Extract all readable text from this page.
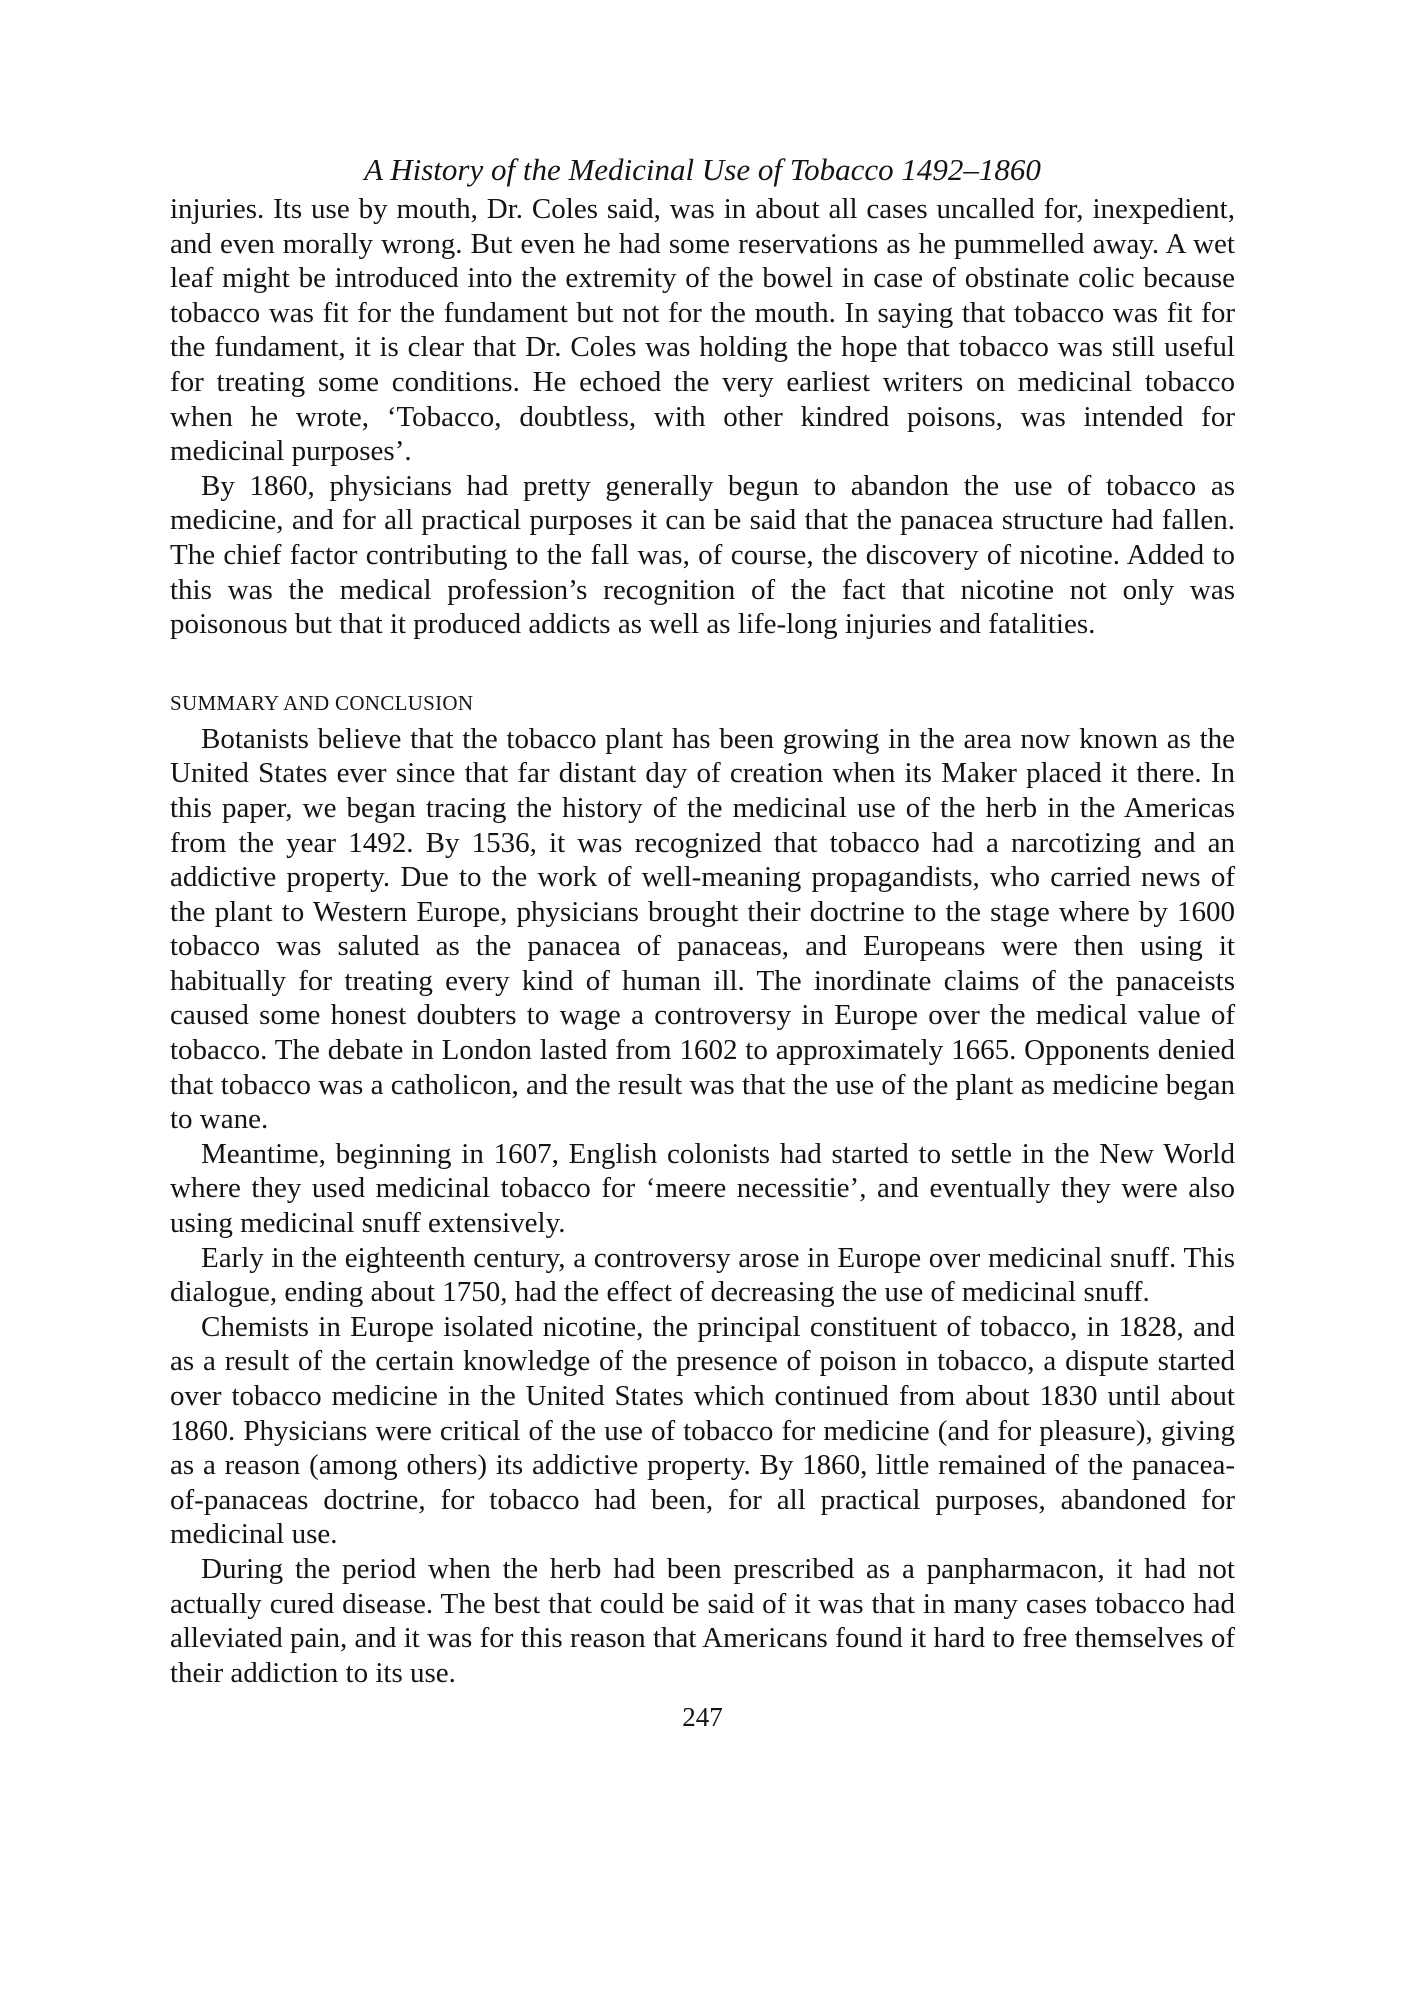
A History of the Medicinal Use of Tobacco 1492–1860

injuries. Its use by mouth, Dr. Coles said, was in about all cases uncalled for, inexpedient, and even morally wrong. But even he had some reservations as he pummelled away. A wet leaf might be introduced into the extremity of the bowel in case of obstinate colic because tobacco was fit for the fundament but not for the mouth. In saying that tobacco was fit for the fundament, it is clear that Dr. Coles was holding the hope that tobacco was still useful for treating some conditions. He echoed the very earliest writers on medicinal tobacco when he wrote, ‘Tobacco, doubtless, with other kindred poisons, was intended for medicinal purposes’.

By 1860, physicians had pretty generally begun to abandon the use of tobacco as medicine, and for all practical purposes it can be said that the panacea structure had fallen. The chief factor contributing to the fall was, of course, the discovery of nicotine. Added to this was the medical profession’s recognition of the fact that nicotine not only was poisonous but that it produced addicts as well as life-long injuries and fatalities.

SUMMARY AND CONCLUSION

Botanists believe that the tobacco plant has been growing in the area now known as the United States ever since that far distant day of creation when its Maker placed it there. In this paper, we began tracing the history of the medicinal use of the herb in the Americas from the year 1492. By 1536, it was recognized that tobacco had a narcotizing and an addictive property. Due to the work of well-meaning propagandists, who carried news of the plant to Western Europe, physicians brought their doctrine to the stage where by 1600 tobacco was saluted as the panacea of panaceas, and Europeans were then using it habitually for treating every kind of human ill. The inordinate claims of the panaceists caused some honest doubters to wage a controversy in Europe over the medical value of tobacco. The debate in London lasted from 1602 to approximately 1665. Opponents denied that tobacco was a catholicon, and the result was that the use of the plant as medicine began to wane.

Meantime, beginning in 1607, English colonists had started to settle in the New World where they used medicinal tobacco for ‘meere necessitie’, and eventually they were also using medicinal snuff extensively.

Early in the eighteenth century, a controversy arose in Europe over medicinal snuff. This dialogue, ending about 1750, had the effect of decreasing the use of medicinal snuff.

Chemists in Europe isolated nicotine, the principal constituent of tobacco, in 1828, and as a result of the certain knowledge of the presence of poison in tobacco, a dispute started over tobacco medicine in the United States which continued from about 1830 until about 1860. Physicians were critical of the use of tobacco for medicine (and for pleasure), giving as a reason (among others) its addictive property. By 1860, little remained of the panacea-of-panaceas doctrine, for tobacco had been, for all practical purposes, abandoned for medicinal use.

During the period when the herb had been prescribed as a panpharmacon, it had not actually cured disease. The best that could be said of it was that in many cases tobacco had alleviated pain, and it was for this reason that Americans found it hard to free themselves of their addiction to its use.

247
